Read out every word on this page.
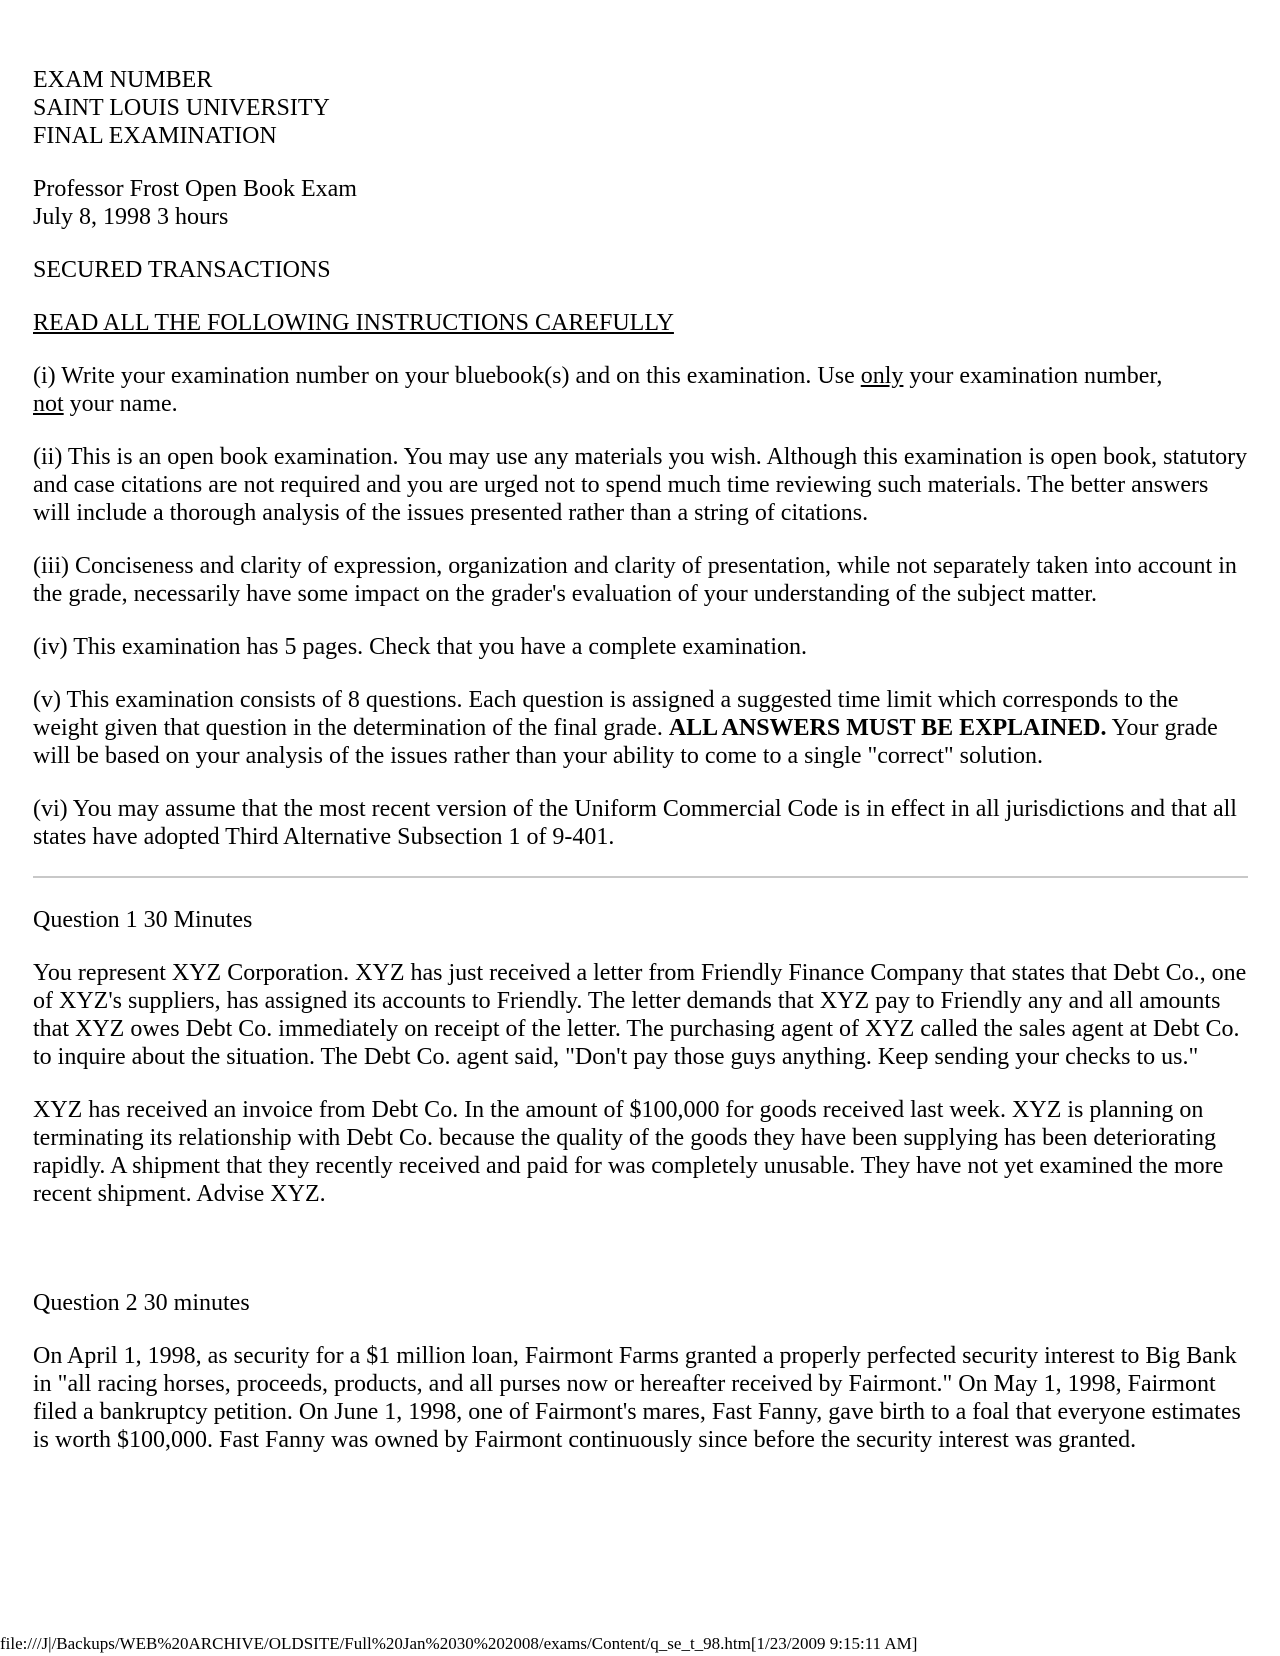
EXAM NUMBER
SAINT LOUIS UNIVERSITY
FINAL EXAMINATION
Professor Frost Open Book Exam
July 8, 1998 3 hours

SECURED TRANSACTIONS

READ ALL THE FOLLOWING INSTRUCTIONS CAREFULLY

(i) Write your examination number on your bluebook(s) and on this examination. Use only your examination number,
not your name.

(ii) This is an open book examination. You may use any materials you wish. Although this examination is open book, statutory and case citations are not required and you are urged not to spend much time reviewing such materials. The better answers will include a thorough analysis of the issues presented rather than a string of citations.

(iii) Conciseness and clarity of expression, organization and clarity of presentation, while not separately taken into account in the grade, necessarily have some impact on the grader's evaluation of your understanding of the subject matter.

(iv) This examination has 5 pages. Check that you have a complete examination.

(v) This examination consists of 8 questions. Each question is assigned a suggested time limit which corresponds to the weight given that question in the determination of the final grade. ALL ANSWERS MUST BE EXPLAINED. Your grade will be based on your analysis of the issues rather than your ability to come to a single "correct" solution.

(vi) You may assume that the most recent version of the Uniform Commercial Code is in effect in all jurisdictions and that all states have adopted Third Alternative Subsection 1 of 9-401.

Question 1 30 Minutes

You represent XYZ Corporation. XYZ has just received a letter from Friendly Finance Company that states that Debt Co., one of XYZ's suppliers, has assigned its accounts to Friendly. The letter demands that XYZ pay to Friendly any and all amounts that XYZ owes Debt Co. immediately on receipt of the letter. The purchasing agent of XYZ called the sales agent at Debt Co. to inquire about the situation. The Debt Co. agent said, "Don't pay those guys anything. Keep sending your checks to us."

XYZ has received an invoice from Debt Co. In the amount of $100,000 for goods received last week. XYZ is planning on terminating its relationship with Debt Co. because the quality of the goods they have been supplying has been deteriorating rapidly. A shipment that they recently received and paid for was completely unusable. They have not yet examined the more recent shipment. Advise XYZ.

Question 2 30 minutes

On April 1, 1998, as security for a $1 million loan, Fairmont Farms granted a properly perfected security interest to Big Bank in "all racing horses, proceeds, products, and all purses now or hereafter received by Fairmont." On May 1, 1998, Fairmont filed a bankruptcy petition. On June 1, 1998, one of Fairmont's mares, Fast Fanny, gave birth to a foal that everyone estimates is worth $100,000. Fast Fanny was owned by Fairmont continuously since before the security interest was granted.

file:///J|/Backups/WEB%20ARCHIVE/OLDSITE/Full%20Jan%2030%202008/exams/Content/q_se_t_98.htm[1/23/2009 9:15:11 AM]
